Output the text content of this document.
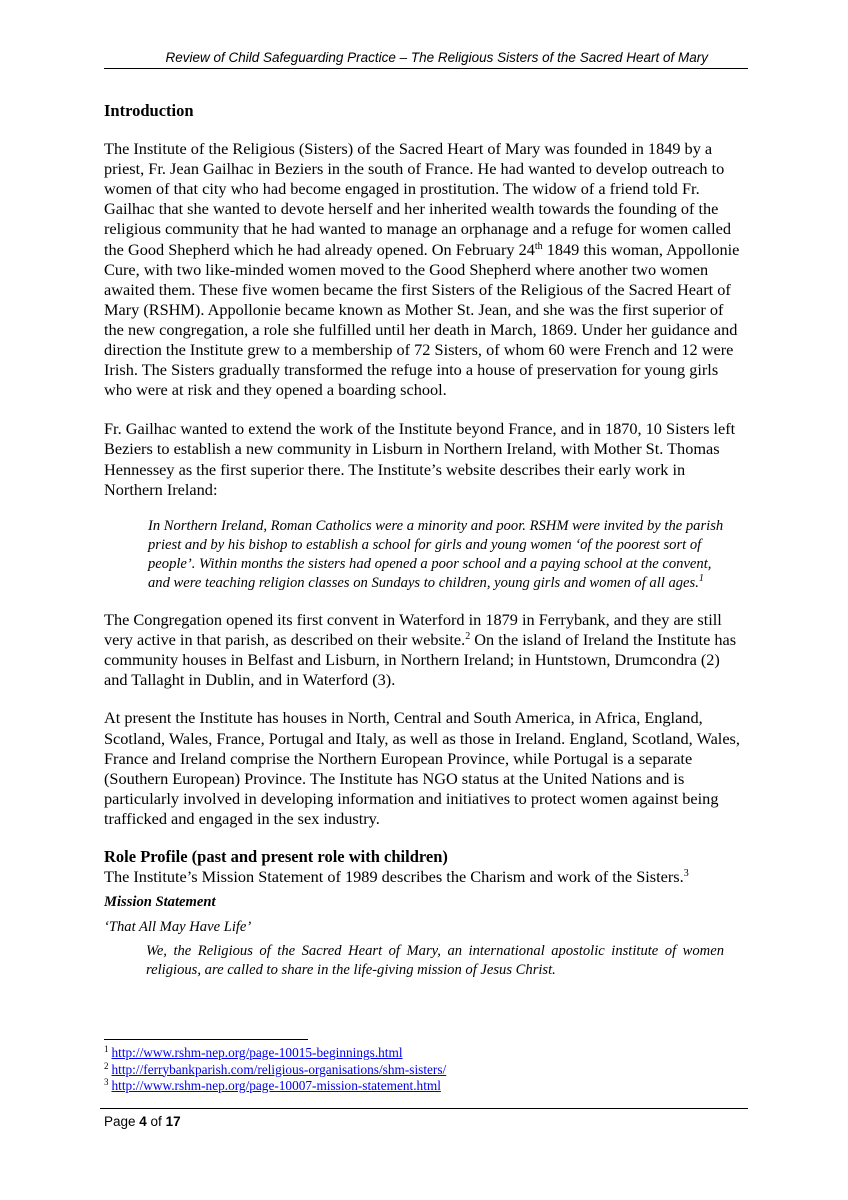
Review of Child Safeguarding Practice – The Religious Sisters of the Sacred Heart of Mary
Introduction

The Institute of the Religious (Sisters) of the Sacred Heart of Mary was founded in 1849 by a priest, Fr. Jean Gailhac in Beziers in the south of France. He had wanted to develop outreach to women of that city who had become engaged in prostitution. The widow of a friend told Fr. Gailhac that she wanted to devote herself and her inherited wealth towards the founding of the religious community that he had wanted to manage an orphanage and a refuge for women called the Good Shepherd which he had already opened. On February 24th 1849 this woman, Appollonie Cure, with two like-minded women moved to the Good Shepherd where another two women awaited them. These five women became the first Sisters of the Religious of the Sacred Heart of Mary (RSHM). Appollonie became known as Mother St. Jean, and she was the first superior of the new congregation, a role she fulfilled until her death in March, 1869. Under her guidance and direction the Institute grew to a membership of 72 Sisters, of whom 60 were French and 12 were Irish. The Sisters gradually transformed the refuge into a house of preservation for young girls who were at risk and they opened a boarding school.

Fr. Gailhac wanted to extend the work of the Institute beyond France, and in 1870, 10 Sisters left Beziers to establish a new community in Lisburn in Northern Ireland, with Mother St. Thomas Hennessey as the first superior there. The Institute’s website describes their early work in Northern Ireland:

In Northern Ireland, Roman Catholics were a minority and poor. RSHM were invited by the parish priest and by his bishop to establish a school for girls and young women ‘of the poorest sort of people’. Within months the sisters had opened a poor school and a paying school at the convent, and were teaching religion classes on Sundays to children, young girls and women of all ages.$^1$

The Congregation opened its first convent in Waterford in 1879 in Ferrybank, and they are still very active in that parish, as described on their website.$^2$ On the island of Ireland the Institute has community houses in Belfast and Lisburn, in Northern Ireland; in Huntstown, Drumcondra (2) and Tallaght in Dublin, and in Waterford (3).

At present the Institute has houses in North, Central and South America, in Africa, England, Scotland, Wales, France, Portugal and Italy, as well as those in Ireland. England, Scotland, Wales, France and Ireland comprise the Northern European Province, while Portugal is a separate (Southern European) Province. The Institute has NGO status at the United Nations and is particularly involved in developing information and initiatives to protect women against being trafficked and engaged in the sex industry.

Role Profile (past and present role with children)

The Institute’s Mission Statement of 1989 describes the Charism and work of the Sisters.$^3$

Mission Statement

‘That All May Have Life’

We, the Religious of the Sacred Heart of Mary, an international apostolic institute of women religious, are called to share in the life-giving mission of Jesus Christ.

$^1$ http://www.rshm-nep.org/page-10015-beginnings.html
$^2$ http://ferrybankparish.com/religious-organisations/shm-sisters/
$^3$ http://www.rshm-nep.org/page-10007-mission-statement.html
Page 4 of 17
